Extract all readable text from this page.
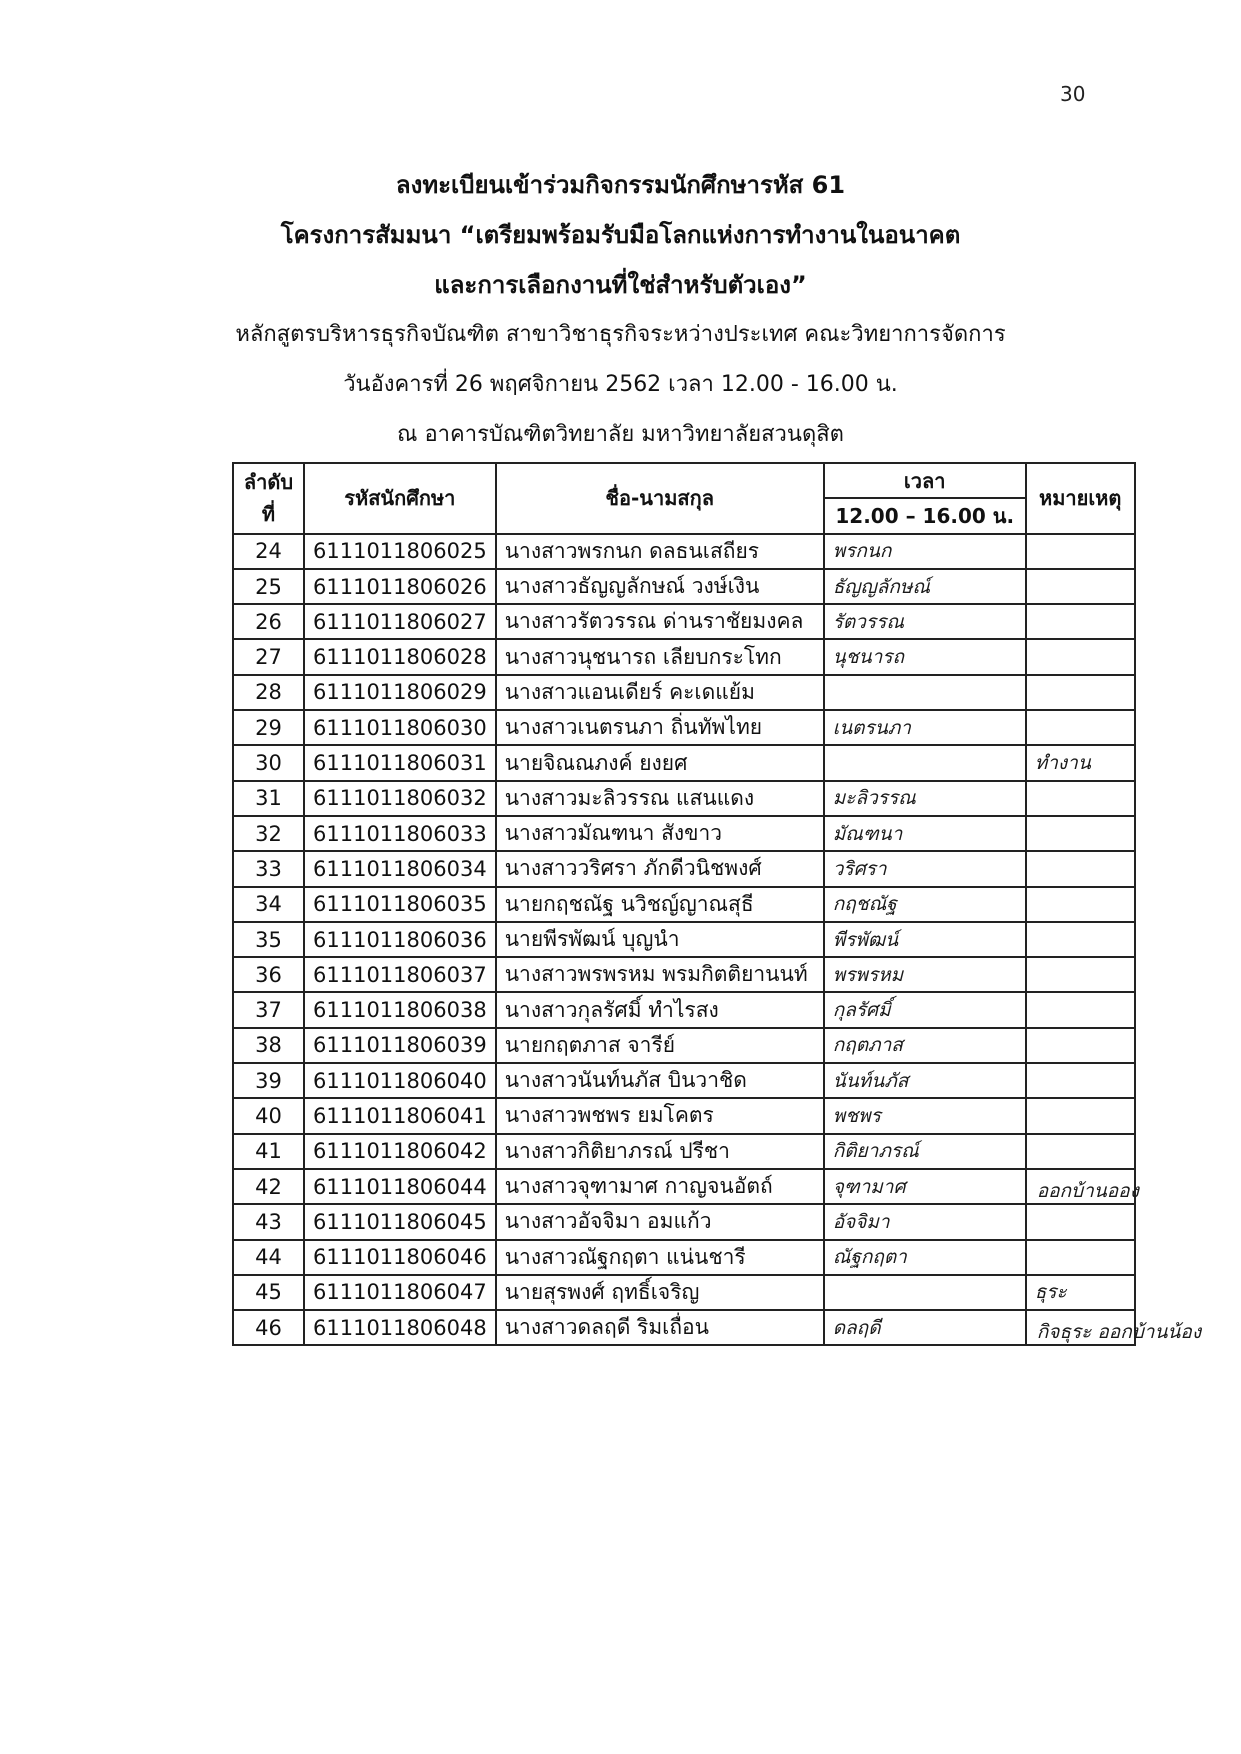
30
ลงทะเบียนเข้าร่วมกิจกรรมนักศึกษารหัส 61
โครงการสัมมนา “เตรียมพร้อมรับมือโลกแห่งการทำงานในอนาคต
และการเลือกงานที่ใช่สำหรับตัวเอง”
หลักสูตรบริหารธุรกิจบัณฑิต สาขาวิชาธุรกิจระหว่างประเทศ คณะวิทยาการจัดการ
วันอังคารที่ 26 พฤศจิกายน 2562 เวลา 12.00 - 16.00 น.
ณ อาคารบัณฑิตวิทยาลัย มหาวิทยาลัยสวนดุสิต
ลำดับ
ที่	รหัสนักศึกษา	ชื่อ-นามสกุล	เวลา	หมายเหตุ
			12.00 – 16.00 น.	
24	6111011806025	นางสาวพรกนก ดลธนเสถียร	พรกนก	
25	6111011806026	นางสาวธัญญลักษณ์ วงษ์เงิน	ธัญญลักษณ์	
26	6111011806027	นางสาวรัตวรรณ ด่านราชัยมงคล	รัตวรรณ	
27	6111011806028	นางสาวนุชนารถ เลียบกระโทก	นุชนารถ	
28	6111011806029	นางสาวแอนเดียร์ คะเดแย้ม		
29	6111011806030	นางสาวเนตรนภา ถิ่นทัพไทย	เนตรนภา	
30	6111011806031	นายจิณณภงค์ ยงยศ		ทำงาน
31	6111011806032	นางสาวมะลิวรรณ แสนแดง	มะลิวรรณ	
32	6111011806033	นางสาวมัณฑนา สังขาว	มัณฑนา	
33	6111011806034	นางสาววริศรา ภักดีวนิชพงศ์	วริศรา	
34	6111011806035	นายกฤชณัฐ นวิชญ์ญาณสุธี	กฤชณัฐ	
35	6111011806036	นายพีรพัฒน์ บุญนำ	พีรพัฒน์	
36	6111011806037	นางสาวพรพรหม พรมกิตติยานนท์	พรพรหม	
37	6111011806038	นางสาวกุลรัศมิ์ ทำไรสง	กุลรัศมิ์	
38	6111011806039	นายกฤตภาส จารีย์	กฤตภาส	
39	6111011806040	นางสาวนันท์นภัส บินวาชิด	นันท์นภัส	
40	6111011806041	นางสาวพชพร ยมโคตร	พชพร	
41	6111011806042	นางสาวกิติยาภรณ์ ปรีชา	กิติยาภรณ์	
42	6111011806044	นางสาวจุฑามาศ กาญจนอัตถ์	จุฑามาศ	ออกบ้านออง

43	6111011806045	นางสาวอัจจิมา อมแก้ว	อัจจิมา	
44	6111011806046	นางสาวณัฐกฤตา แน่นชารี	ณัฐกฤตา	
45	6111011806047	นายสุรพงศ์ ฤทธิ์เจริญ		ธุระ
46	6111011806048	นางสาวดลฤดี ริมเถื่อน	ดลฤดี	กิจธุระ ออกบ้านน้อง
